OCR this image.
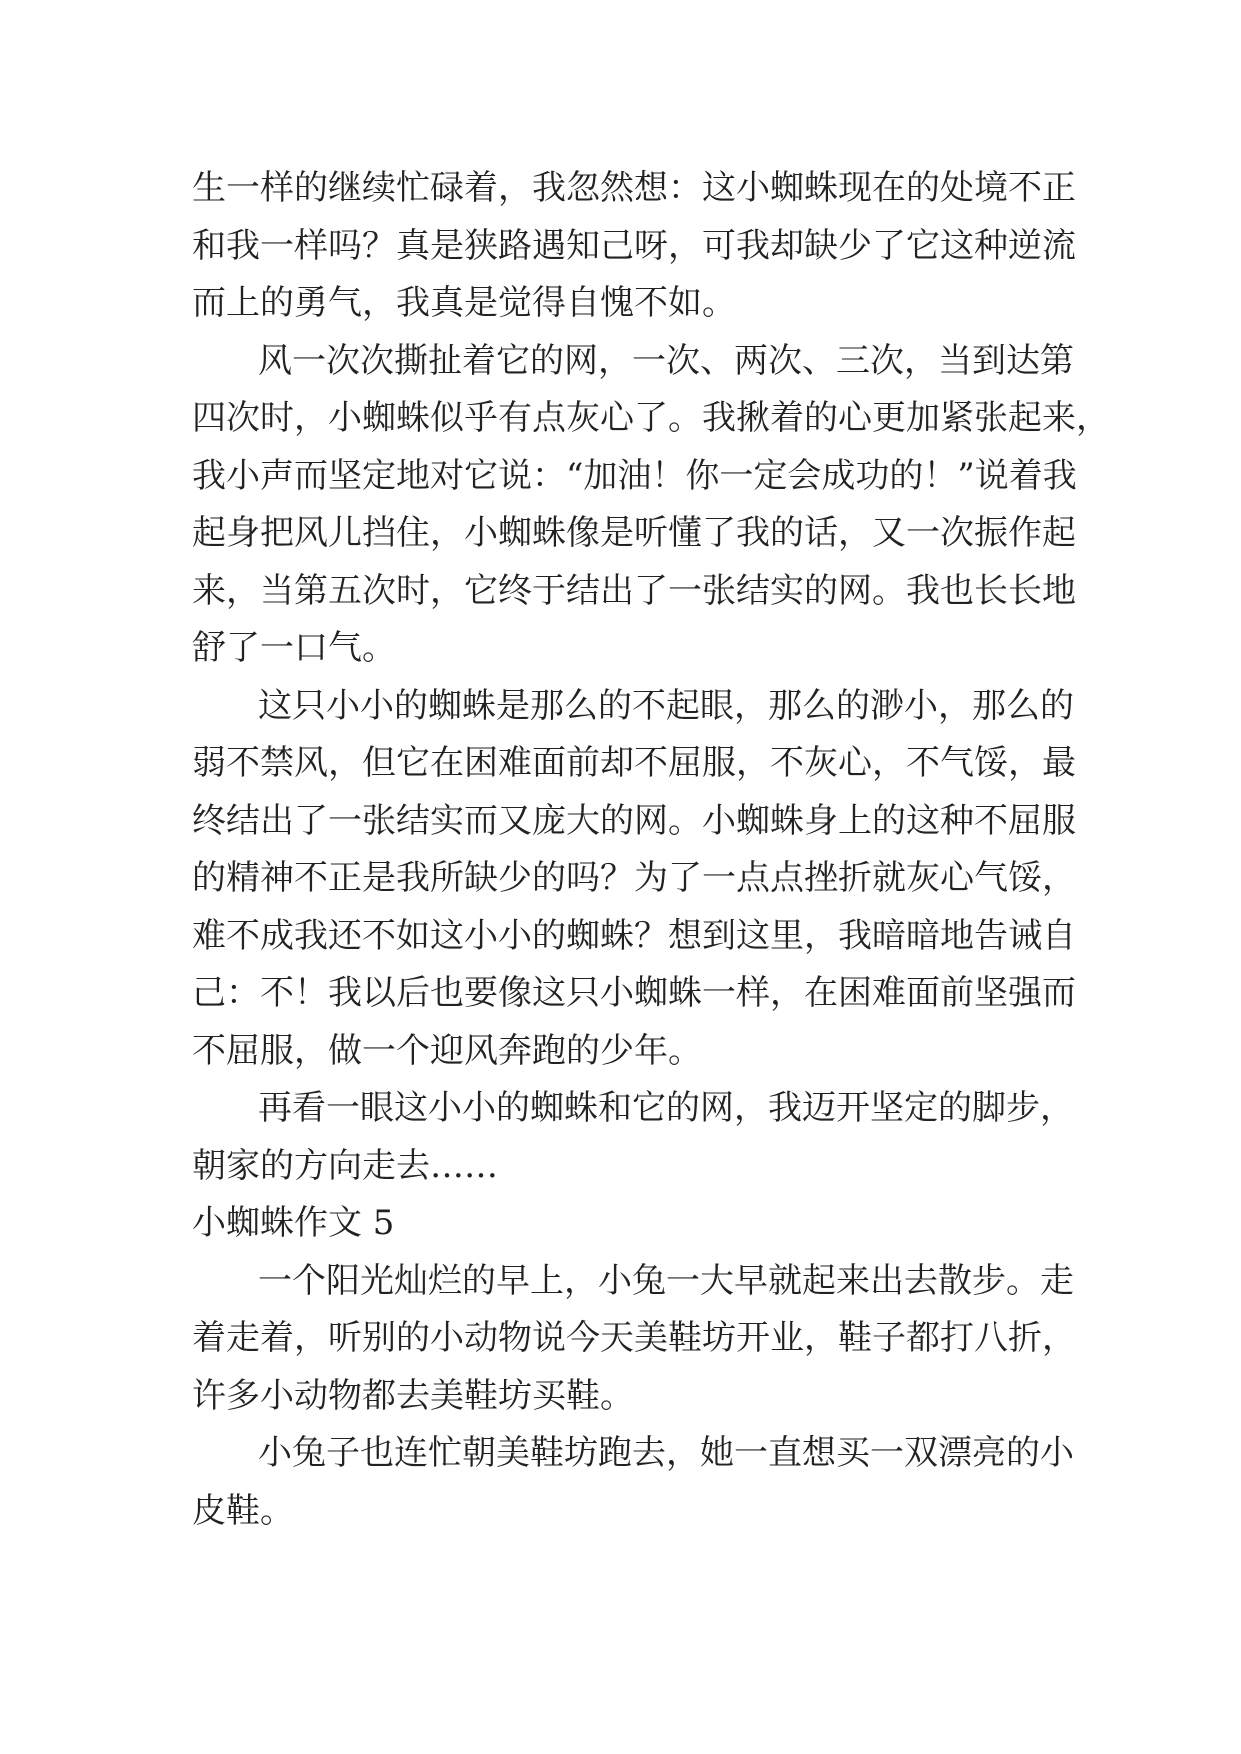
生一样的继续忙碌着，我忽然想：这小蜘蛛现在的处境不正
和我一样吗？真是狭路遇知己呀，可我却缺少了它这种逆流
而上的勇气，我真是觉得自愧不如。
风一次次撕扯着它的网，一次、两次、三次，当到达第
四次时，小蜘蛛似乎有点灰心了。我揪着的心更加紧张起来，
我小声而坚定地对它说：“加油！你一定会成功的！”说着我
起身把风儿挡住，小蜘蛛像是听懂了我的话，又一次振作起
来，当第五次时，它终于结出了一张结实的网。我也长长地
舒了一口气。
这只小小的蜘蛛是那么的不起眼，那么的渺小，那么的
弱不禁风，但它在困难面前却不屈服，不灰心，不气馁，最
终结出了一张结实而又庞大的网。小蜘蛛身上的这种不屈服
的精神不正是我所缺少的吗？为了一点点挫折就灰心气馁，
难不成我还不如这小小的蜘蛛？想到这里，我暗暗地告诫自
己：不！我以后也要像这只小蜘蛛一样，在困难面前坚强而
不屈服，做一个迎风奔跑的少年。
再看一眼这小小的蜘蛛和它的网，我迈开坚定的脚步，
朝家的方向走去……
小蜘蛛作文 5
一个阳光灿烂的早上，小兔一大早就起来出去散步。走
着走着，听别的小动物说今天美鞋坊开业，鞋子都打八折，
许多小动物都去美鞋坊买鞋。
小兔子也连忙朝美鞋坊跑去，她一直想买一双漂亮的小
皮鞋。
